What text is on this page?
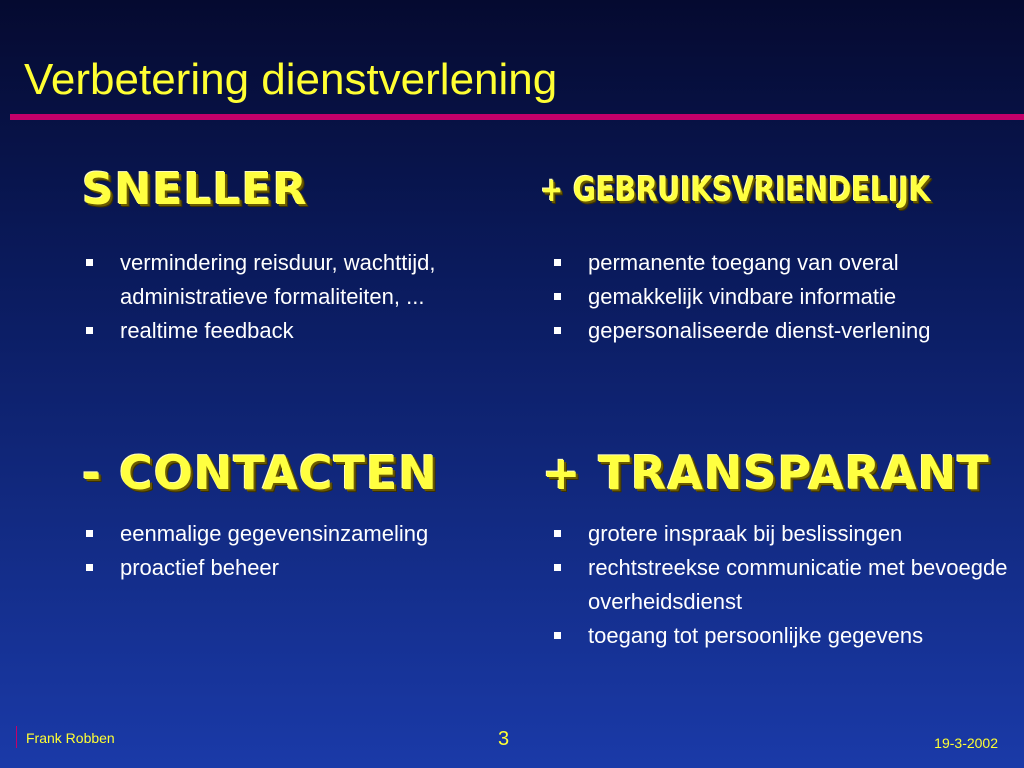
Verbetering dienstverlening
SNELLER
vermindering reisduur, wachttijd, administratieve formaliteiten, ...
realtime feedback
+ GEBRUIKSVRIENDELIJK
permanente toegang van overal
gemakkelijk vindbare informatie
gepersonaliseerde dienst-verlening
- CONTACTEN
eenmalige gegevensinzameling
proactief beheer
+ TRANSPARANT
grotere inspraak bij beslissingen
rechtstreekse communicatie met bevoegde overheidsdienst
toegang tot persoonlijke gegevens
Frank Robben	3	19-3-2002
